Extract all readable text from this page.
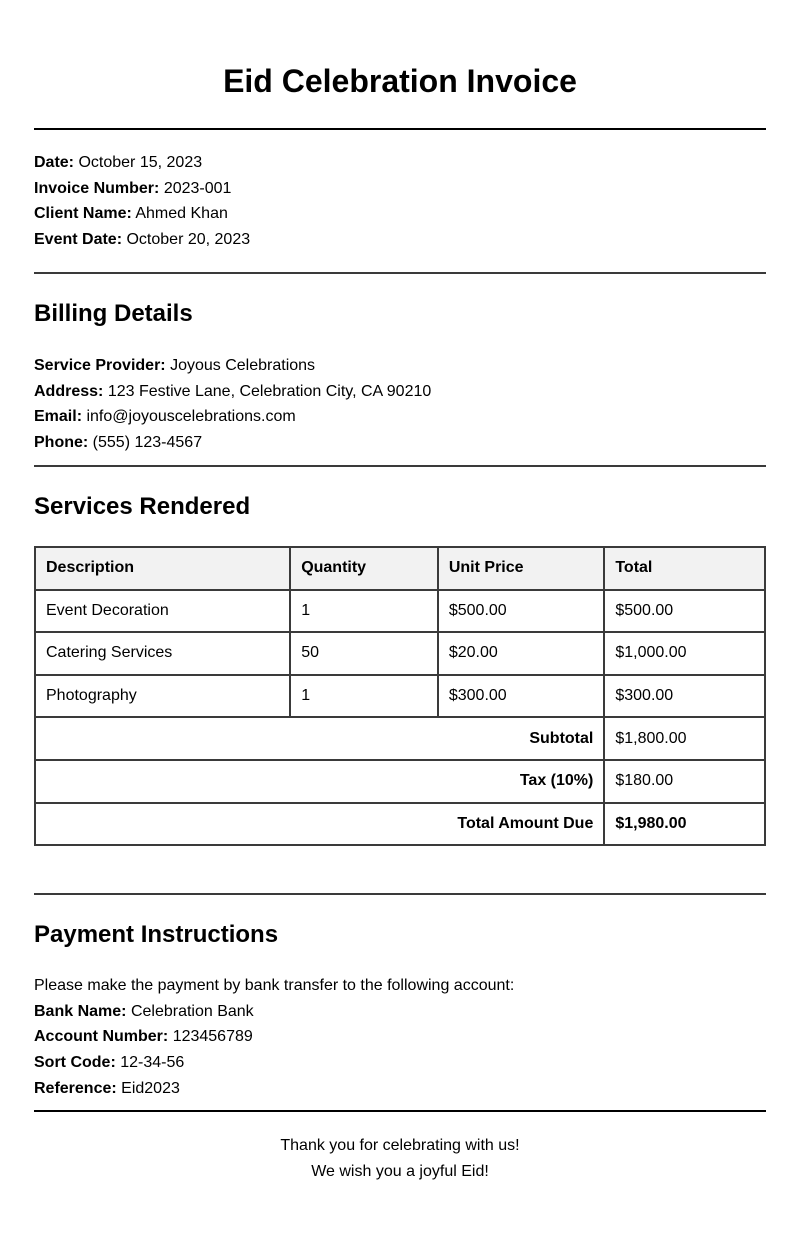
Eid Celebration Invoice
Date: October 15, 2023
Invoice Number: 2023-001
Client Name: Ahmed Khan
Event Date: October 20, 2023
Billing Details
Service Provider: Joyous Celebrations
Address: 123 Festive Lane, Celebration City, CA 90210
Email: info@joyouscelebrations.com
Phone: (555) 123-4567
Services Rendered
Description	Quantity	Unit Price	Total
Event Decoration	1	$500.00	$500.00
Catering Services	50	$20.00	$1,000.00
Photography	1	$300.00	$300.00
Subtotal			$1,800.00
Tax (10%)			$180.00
Total Amount Due			$1,980.00
Payment Instructions
Please make the payment by bank transfer to the following account:
Bank Name: Celebration Bank
Account Number: 123456789
Sort Code: 12-34-56
Reference: Eid2023
Thank you for celebrating with us!
We wish you a joyful Eid!
